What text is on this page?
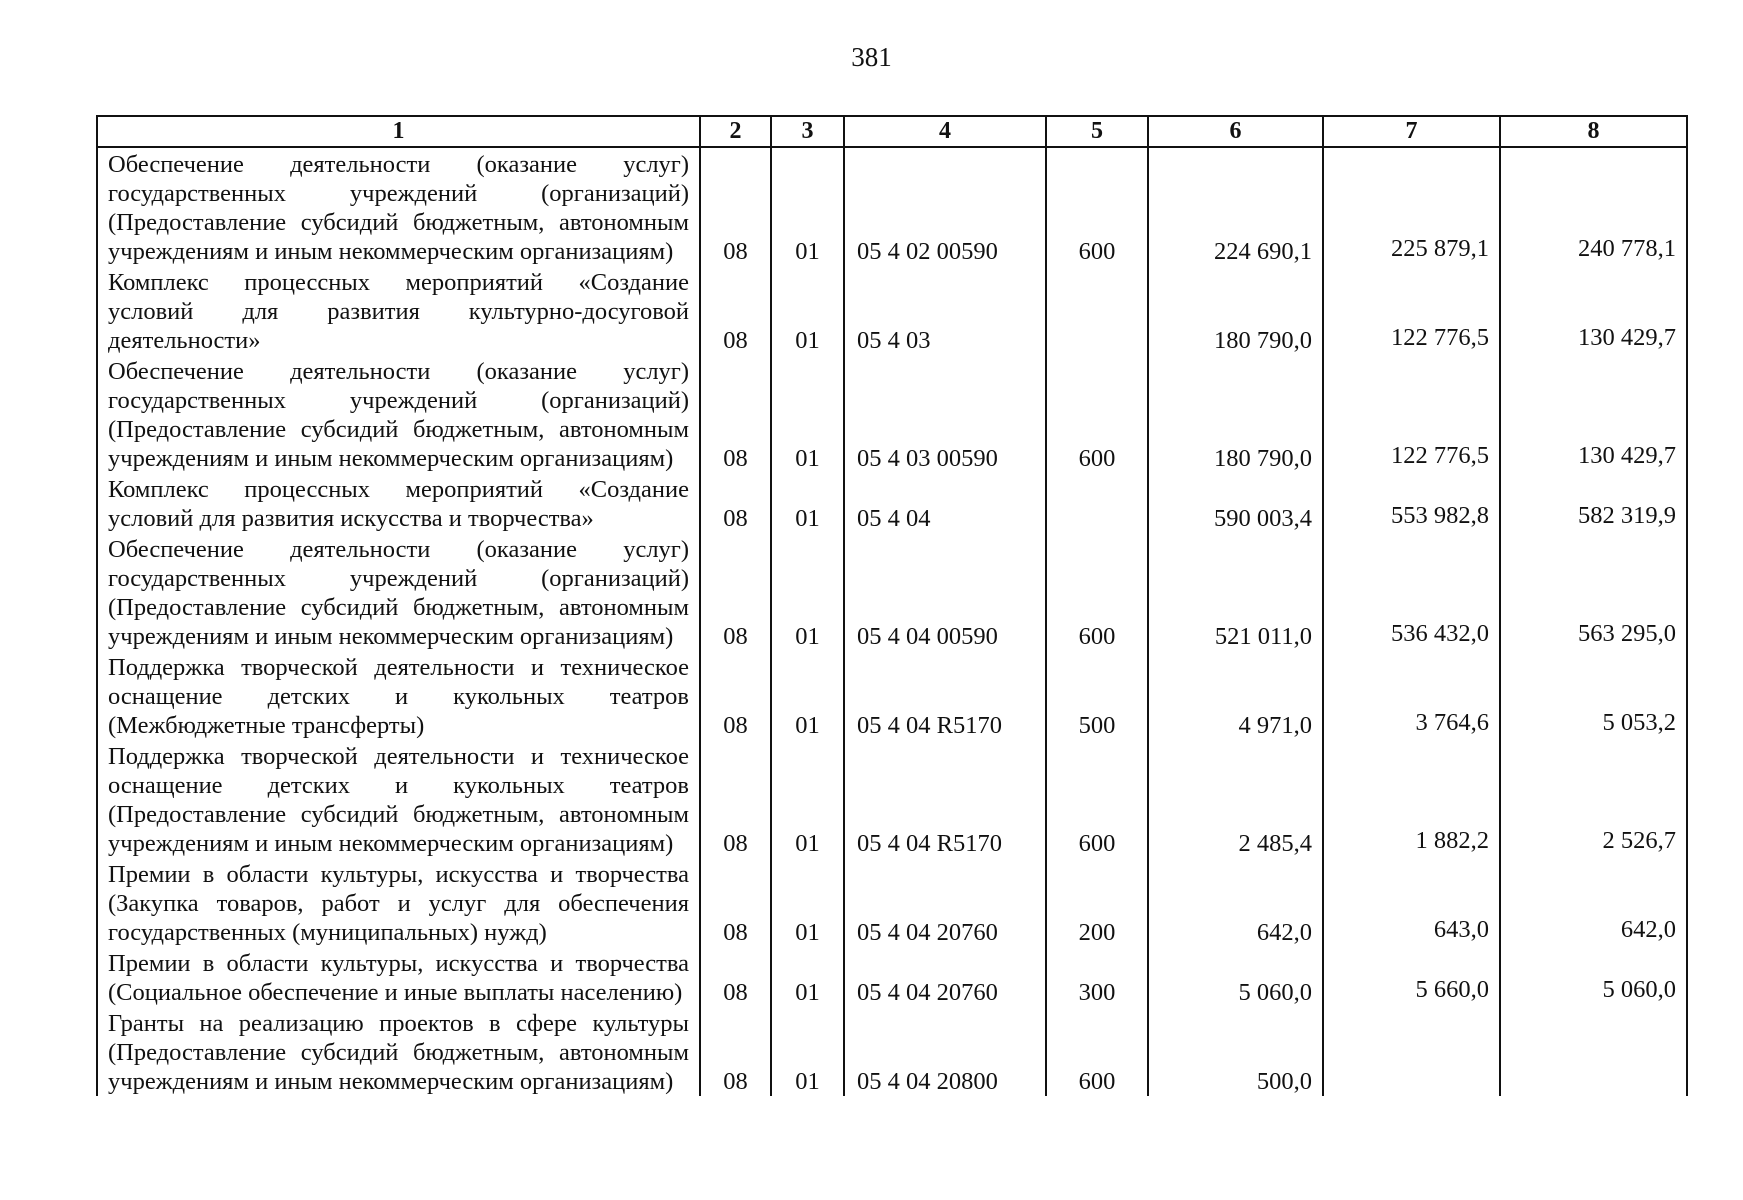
381
1	2	3	4	5	6	7	8
Обеспечение деятельности (оказание услуг) государственных учреждений (организаций) (Предоставление субсидий бюджетным, автономным учреждениям и иным некоммерческим организациям)	08	01	05 4 02 00590	600	224 690,1	225 879,1	240 778,1
Комплекс процессных мероприятий «Создание условий для развития культурно-досуговой деятельности»	08	01	05 4 03		180 790,0	122 776,5	130 429,7
Обеспечение деятельности (оказание услуг) государственных учреждений (организаций) (Предоставление субсидий бюджетным, автономным учреждениям и иным некоммерческим организациям)	08	01	05 4 03 00590	600	180 790,0	122 776,5	130 429,7
Комплекс процессных мероприятий «Создание условий для развития искусства и творчества»	08	01	05 4 04		590 003,4	553 982,8	582 319,9
Обеспечение деятельности (оказание услуг) государственных учреждений (организаций) (Предоставление субсидий бюджетным, автономным учреждениям и иным некоммерческим организациям)	08	01	05 4 04 00590	600	521 011,0	536 432,0	563 295,0
Поддержка творческой деятельности и техническое оснащение детских и кукольных театров (Межбюджетные трансферты)	08	01	05 4 04 R5170	500	4 971,0	3 764,6	5 053,2
Поддержка творческой деятельности и техническое оснащение детских и кукольных театров (Предоставление субсидий бюджетным, автономным учреждениям и иным некоммерческим организациям)	08	01	05 4 04 R5170	600	2 485,4	1 882,2	2 526,7
Премии в области культуры, искусства и творчества (Закупка товаров, работ и услуг для обеспечения государственных (муниципальных) нужд)	08	01	05 4 04 20760	200	642,0	643,0	642,0
Премии в области культуры, искусства и творчества (Социальное обеспечение и иные выплаты населению)	08	01	05 4 04 20760	300	5 060,0	5 660,0	5 060,0
Гранты на реализацию проектов в сфере культуры (Предоставление субсидий бюджетным, автономным учреждениям и иным некоммерческим организациям)	08	01	05 4 04 20800	600	500,0		
